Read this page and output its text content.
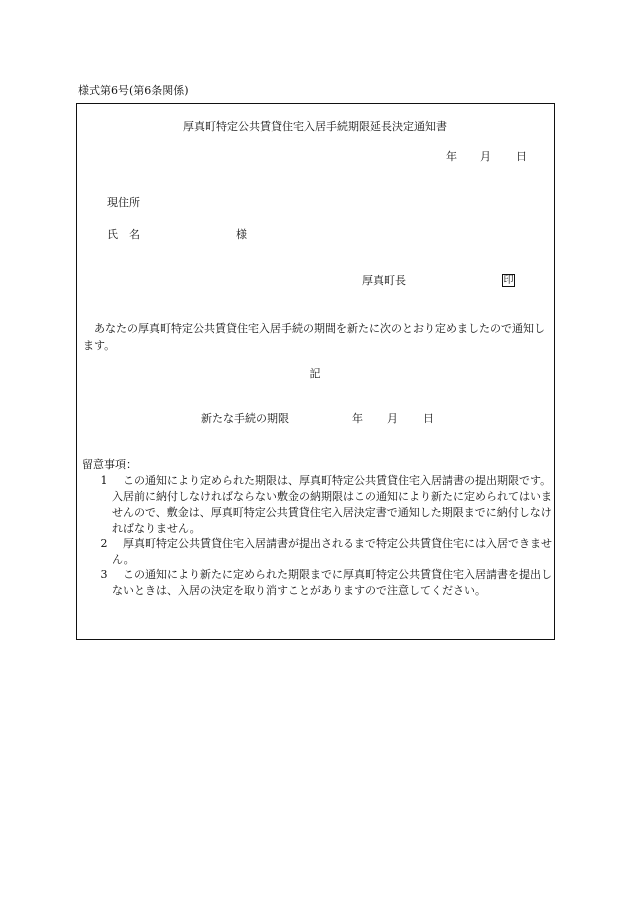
様式第6号(第6条関係)
厚真町特定公共賃貸住宅入居手続期限延長決定通知書
年 月 日
現住所
氏　名	様
厚真町長	印
あなたの厚真町特定公共賃貸住宅入居手続の期間を新たに次のとおり定めましたので通知します。
記
新たな手続の期限	年 月 日
留意事項：
1	この通知により定められた期限は、厚真町特定公共賃貸住宅入居請書の提出期限です。入居前に納付しなければならない敷金の納期限はこの通知により新たに定められてはいませんので、敷金は、厚真町特定公共賃貸住宅入居決定書で通知した期限までに納付しなければなりません。
2	厚真町特定公共賃貸住宅入居請書が提出されるまで特定公共賃貸住宅には入居できません。
3	この通知により新たに定められた期限までに厚真町特定公共賃貸住宅入居請書を提出しないときは、入居の決定を取り消すことがありますので注意してください。
